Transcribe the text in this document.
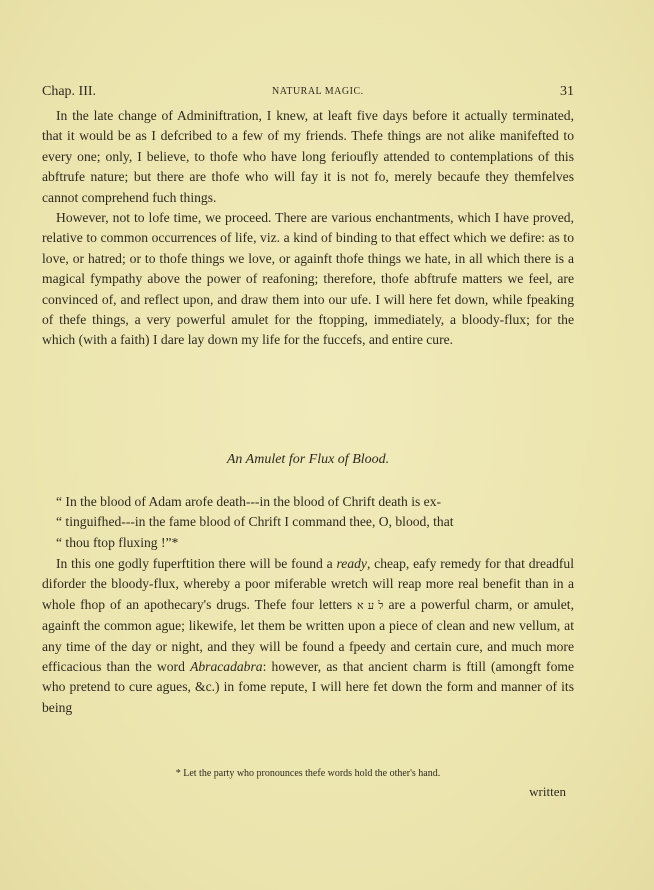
Chap. III.	NATURAL MAGIC.	31

In the late change of Adminiftration, I knew, at leaft five days before it actually terminated, that it would be as I defcribed to a few of my friends. Thefe things are not alike manifefted to every one; only, I believe, to thofe who have long ferioufly attended to contemplations of this abftrufe nature; but there are thofe who will fay it is not fo, merely becaufe they themfelves cannot comprehend fuch things.

However, not to lofe time, we proceed. There are various enchantments, which I have proved, relative to common occurrences of life, viz. a kind of binding to that effect which we defire: as to love, or hatred; or to thofe things we love, or againft thofe things we hate, in all which there is a magical fympathy above the power of reafoning; therefore, thofe abftrufe matters we feel, are convinced of, and reflect upon, and draw them into our ufe. I will here fet down, while fpeaking of thefe things, a very powerful amulet for the ftopping, immediately, a bloody-flux; for the which (with a faith) I dare lay down my life for the fuccefs, and entire cure.

An Amulet for Flux of Blood.

“ In the blood of Adam arofe death---in the blood of Chrift death is ex-

“ tinguifhed---in the fame blood of Chrift I command thee, O, blood, that

“ thou ftop fluxing !”*

In this one godly fuperftition there will be found a ready, cheap, eafy remedy for that dreadful diforder the bloody-flux, whereby a poor miferable wretch will reap more real benefit than in a whole fhop of an apothecary's drugs. Thefe four letters ﬥ ﬠ ﬡ are a powerful charm, or amulet, againft the common ague; likewife, let them be written upon a piece of clean and new vellum, at any time of the day or night, and they will be found a fpeedy and certain cure, and much more efficacious than the word Abracadabra: however, as that ancient charm is ftill (amongft fome who pretend to cure agues, &c.) in fome repute, I will here fet down the form and manner of its being

* Let the party who pronounces thefe words hold the other's hand.
written
